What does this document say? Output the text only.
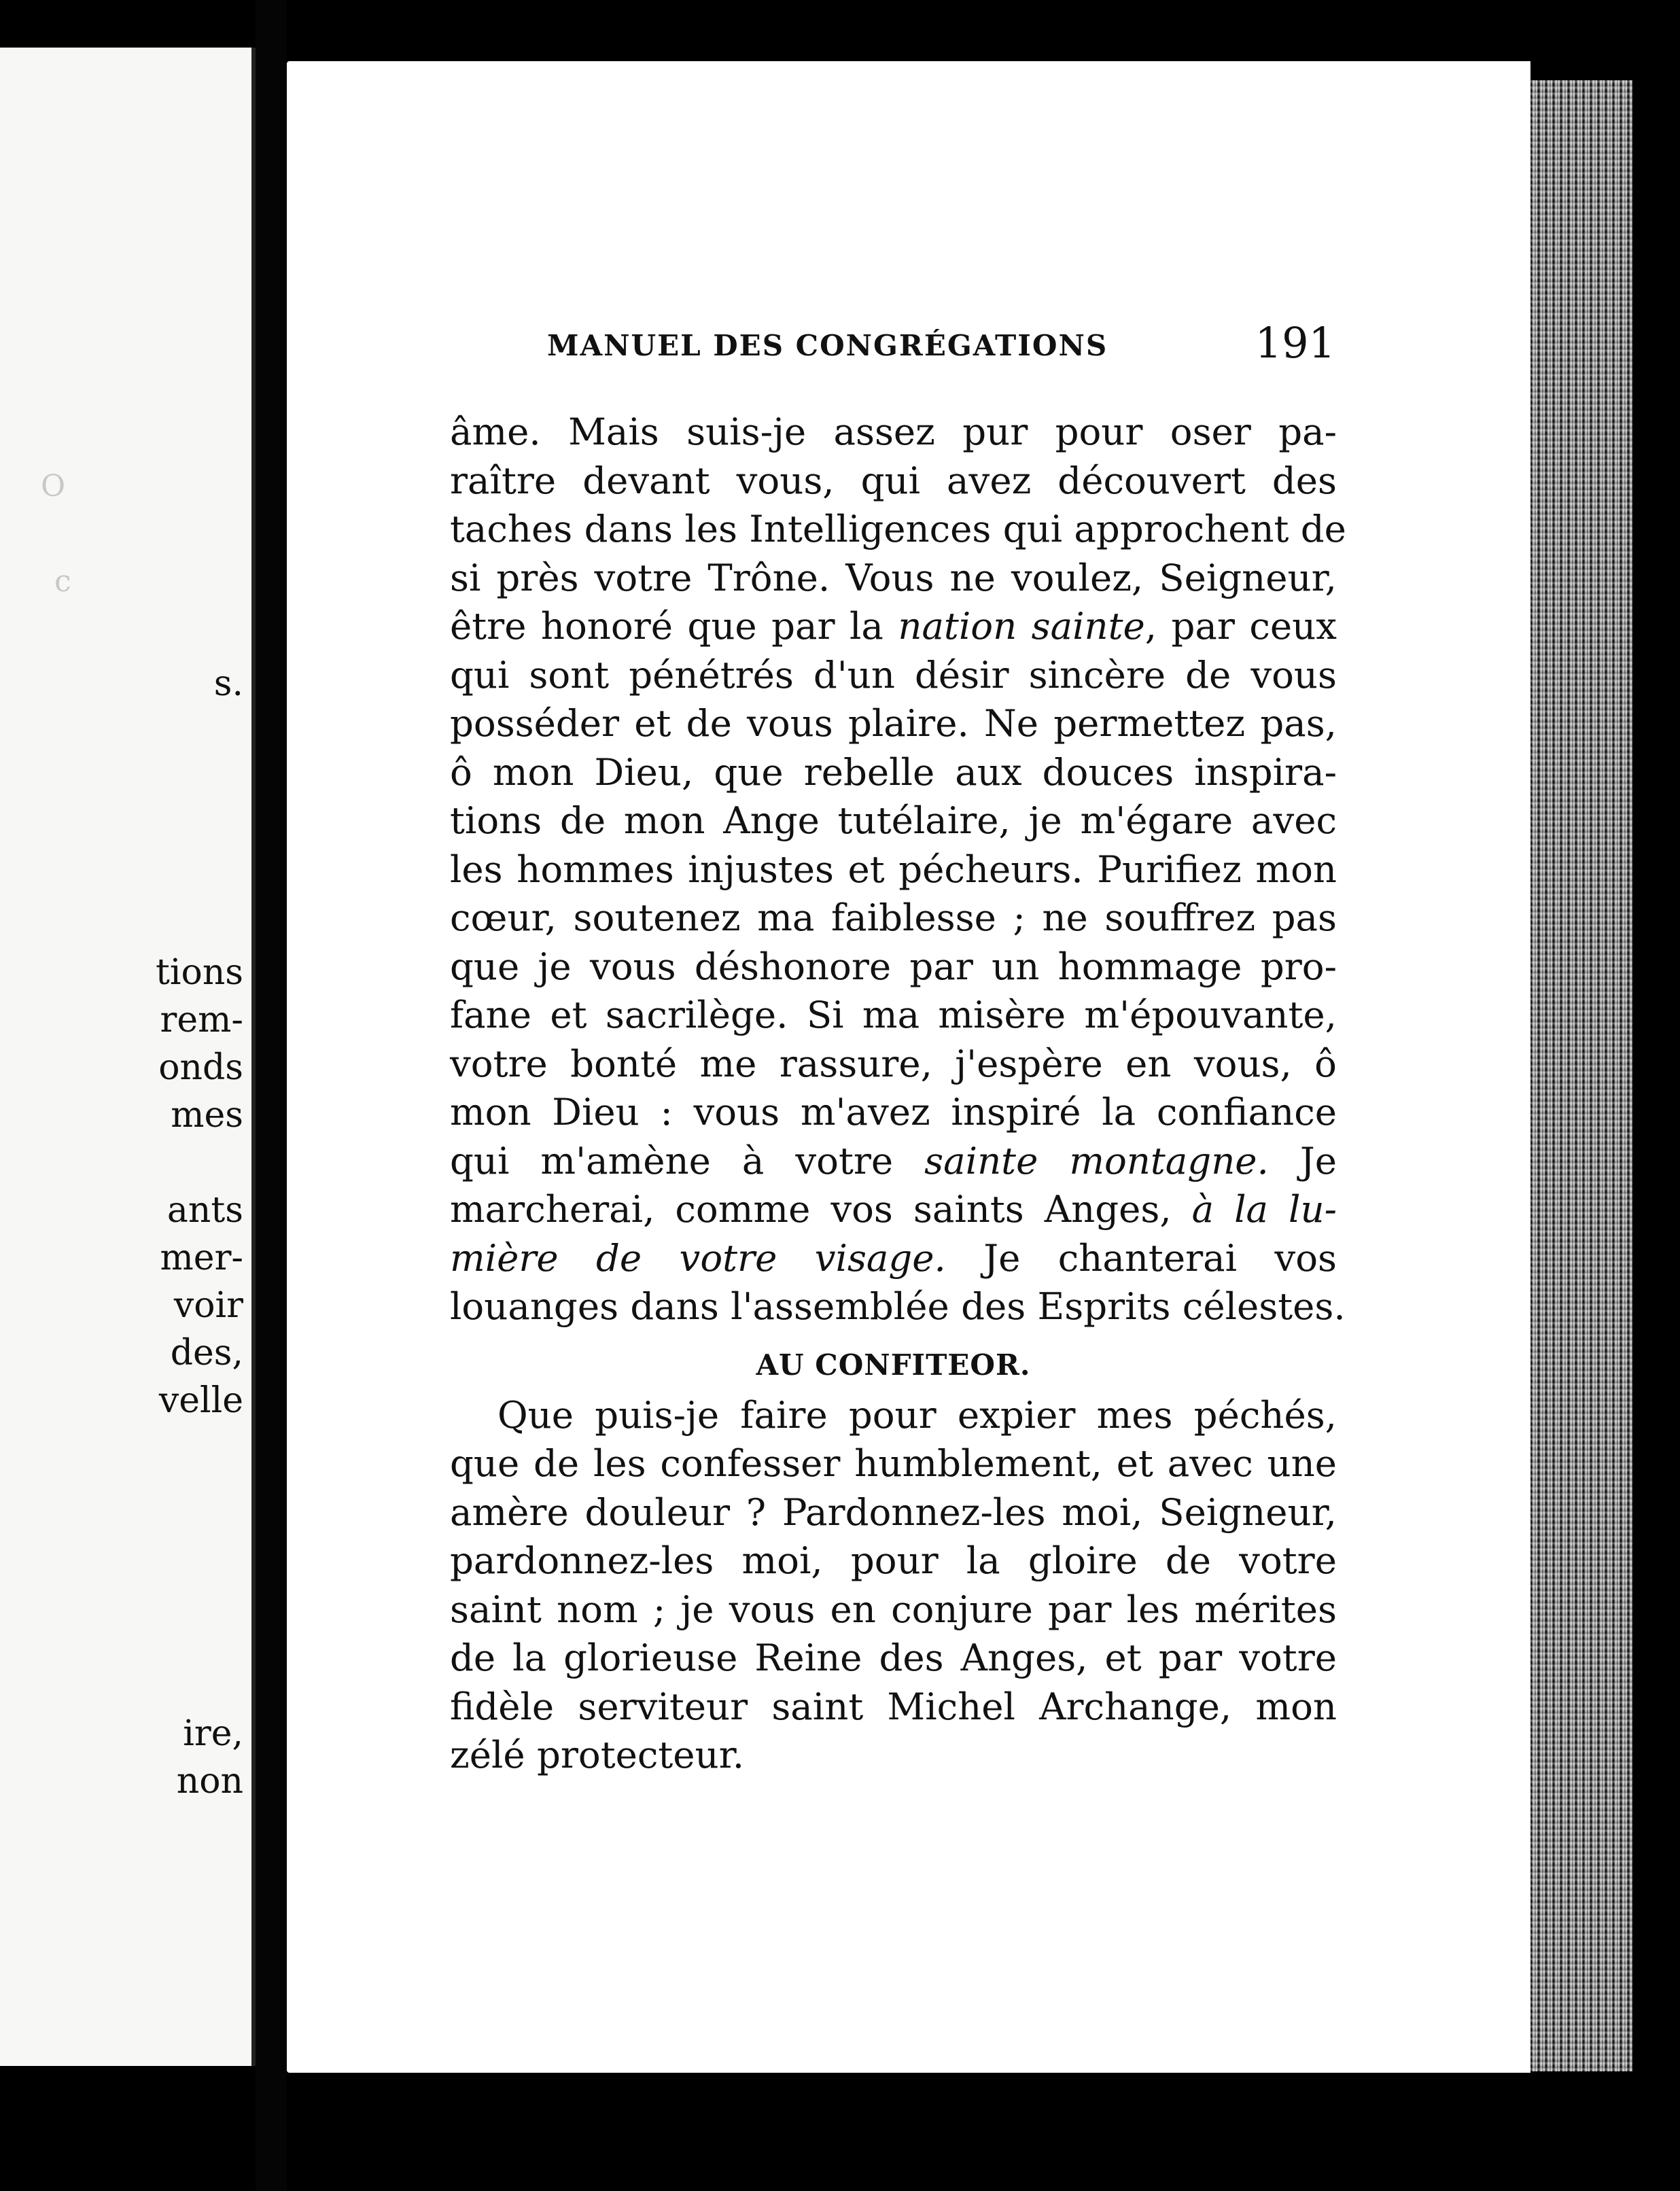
O
c
s.
tions
rem-
onds
mes
ants
mer-
voir
des,
velle
ire,
non
MANUEL DES CONGRÉGATIONS	191
âme. Mais suis-je assez pur pour oser pa-
raître devant vous, qui avez découvert des
taches dans les Intelligences qui approchent de
si près votre Trône. Vous ne voulez, Seigneur,
être honoré que par la nation sainte, par ceux
qui sont pénétrés d'un désir sincère de vous
posséder et de vous plaire. Ne permettez pas,
ô mon Dieu, que rebelle aux douces inspira-
tions de mon Ange tutélaire, je m'égare avec
les hommes injustes et pécheurs. Purifiez mon
cœur, soutenez ma faiblesse ; ne souffrez pas
que je vous déshonore par un hommage pro-
fane et sacrilège. Si ma misère m'épouvante,
votre bonté me rassure, j'espère en vous, ô
mon Dieu : vous m'avez inspiré la confiance
qui m'amène à votre sainte montagne. Je
marcherai, comme vos saints Anges, à la lu-
mière de votre visage. Je chanterai vos
louanges dans l'assemblée des Esprits célestes.
AU CONFITEOR.
Que puis-je faire pour expier mes péchés,
que de les confesser humblement, et avec une
amère douleur ? Pardonnez-les moi, Seigneur,
pardonnez-les moi, pour la gloire de votre
saint nom ; je vous en conjure par les mérites
de la glorieuse Reine des Anges, et par votre
fidèle serviteur saint Michel Archange, mon
zélé protecteur.
